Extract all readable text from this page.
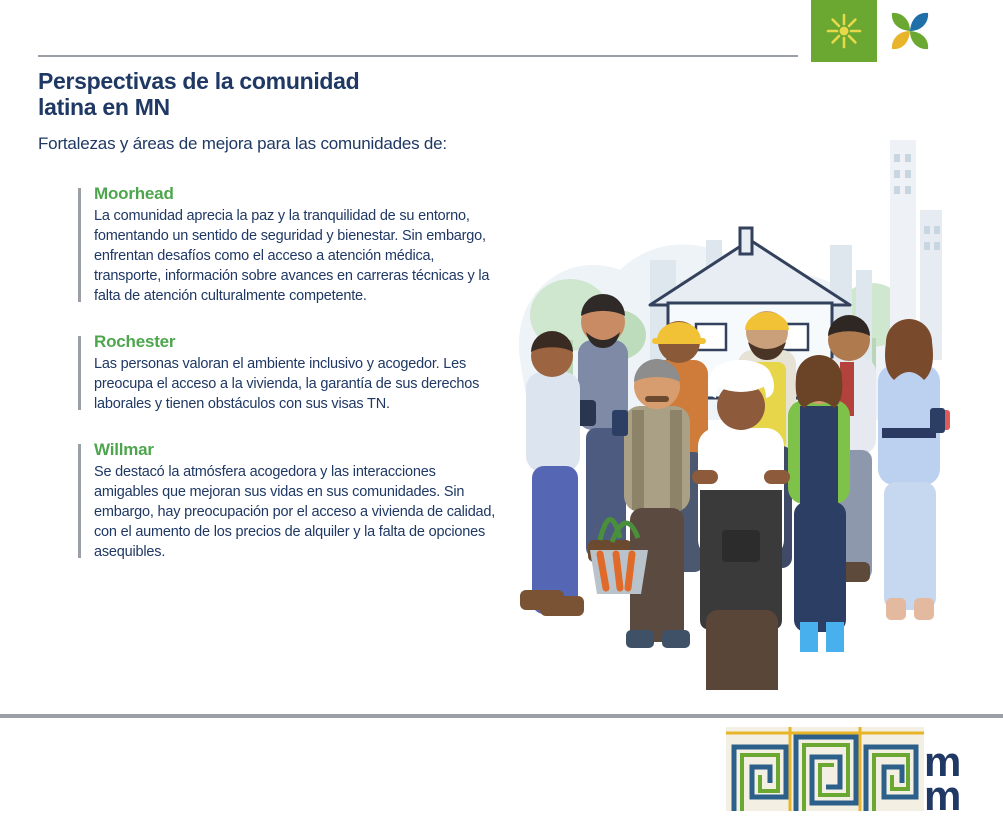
Perspectivas de la comunidad
latina en MN
Fortalezas y áreas de mejora para las comunidades de:
Moorhead
La comunidad aprecia la paz y la tranquilidad de su entorno, fomentando un sentido de seguridad y bienestar. Sin embargo, enfrentan desafíos como el acceso a atención médica, transporte, información sobre avances en carreras técnicas y la falta de atención culturalmente competente.
Rochester
Las personas valoran el ambiente inclusivo y acogedor. Les preocupa el acceso a la vivienda, la garantía de sus derechos laborales y tienen obstáculos con sus visas TN.
Willmar
Se destacó la atmósfera acogedora y las interacciones amigables que mejoran sus vidas en sus comunidades. Sin embargo, hay preocupación por el acceso a vivienda de calidad, con el aumento de los precios de alquiler y la falta de opciones asequibles.
m
m
